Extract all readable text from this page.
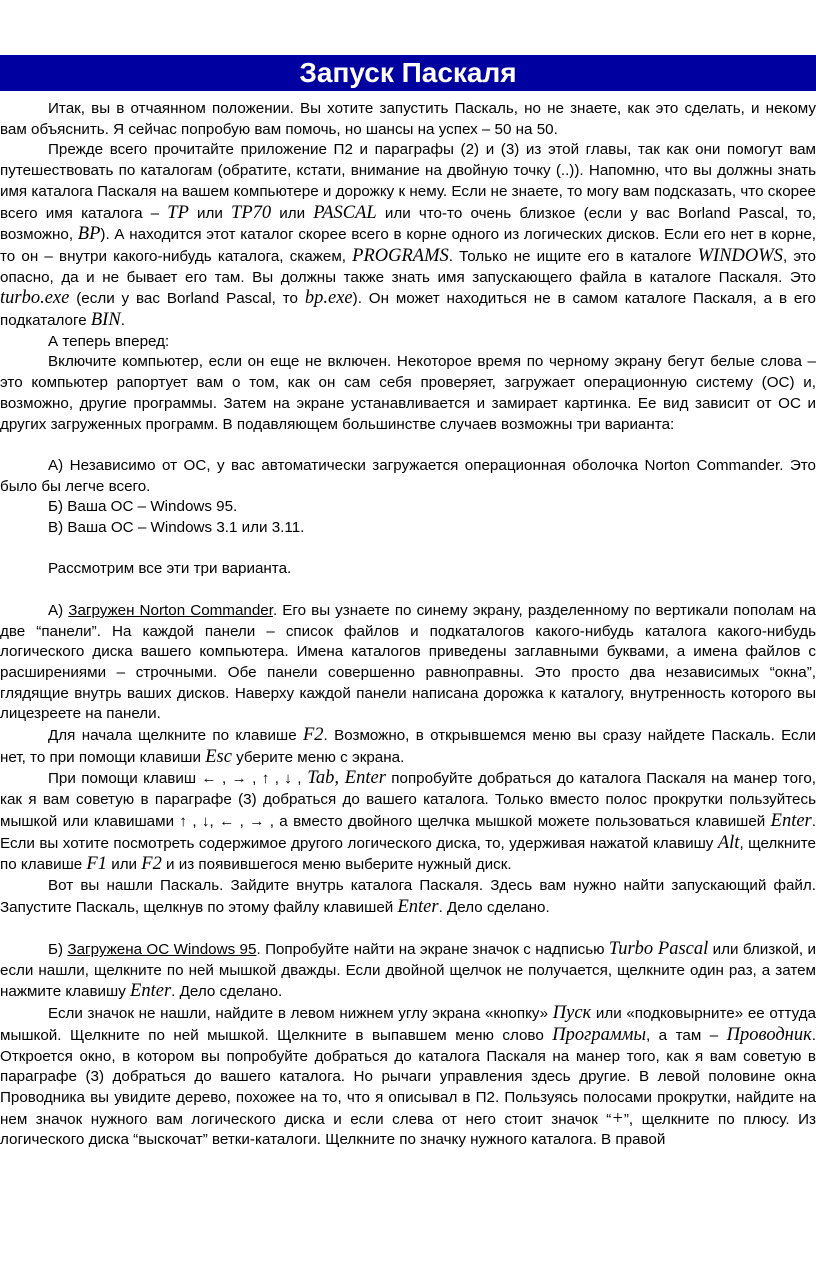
Запуск Паскаля

Итак, вы в отчаянном положении. Вы хотите запустить Паскаль, но не знаете, как это сделать, и некому вам объяснить. Я сейчас попробую вам помочь, но шансы на успех – 50 на 50.

Прежде всего прочитайте приложение П2 и параграфы (2) и (3) из этой главы, так как они помогут вам путешествовать по каталогам (обратите, кстати, внимание на двойную точку (..)). Напомню, что вы должны знать имя каталога Паскаля на вашем компьютере и дорожку к нему. Если не знаете, то могу вам подсказать, что скорее всего имя каталога – TP или TP70 или PASCAL или что-то очень близкое (если у вас Borland Pascal, то, возможно, BP). А находится этот каталог скорее всего в корне одного из логических дисков. Если его нет в корне, то он – внутри какого-нибудь каталога, скажем, PROGRAMS. Только не ищите его в каталоге WINDOWS, это опасно, да и не бывает его там. Вы должны также знать имя запускающего файла в каталоге Паскаля. Это turbo.exe (если у вас Borland Pascal, то bp.exe). Он может находиться не в самом каталоге Паскаля, а в его подкаталоге BIN.

А теперь вперед:

Включите компьютер, если он еще не включен. Некоторое время по черному экрану бегут белые слова – это компьютер рапортует вам о том, как он сам себя проверяет, загружает операционную систему (ОС) и, возможно, другие программы. Затем на экране устанавливается и замирает картинка. Ее вид зависит от ОС и других загруженных программ. В подавляющем большинстве случаев возможны три варианта:

А) Независимо от ОС, у вас автоматически загружается операционная оболочка Norton Commander. Это было бы легче всего.

Б) Ваша ОС – Windows 95.

В) Ваша ОС – Windows 3.1 или 3.11.

Рассмотрим все эти три варианта.

А) Загружен Norton Commander. Его вы узнаете по синему экрану, разделенному по вертикали пополам на две “панели”. На каждой панели – список файлов и подкаталогов какого-нибудь каталога какого-нибудь логического диска вашего компьютера. Имена каталогов приведены заглавными буквами, а имена файлов с расширениями – строчными. Обе панели совершенно равноправны. Это просто два независимых “окна”, глядящие внутрь ваших дисков. Наверху каждой панели написана дорожка к каталогу, внутренность которого вы лицезреете на панели.

Для начала щелкните по клавише F2. Возможно, в открывшемся меню вы сразу найдете Паскаль. Если нет, то при помощи клавиши Esc уберите меню с экрана.

При помощи клавиш ← , → , ↑ , ↓ , Tab, Enter попробуйте добраться до каталога Паскаля на манер того, как я вам советую в параграфе (3) добраться до вашего каталога. Только вместо полос прокрутки пользуйтесь мышкой или клавишами ↑ , ↓, ← , → , а вместо двойного щелчка мышкой можете пользоваться клавишей Enter. Если вы хотите посмотреть содержимое другого логического диска, то, удерживая нажатой клавишу Alt, щелкните по клавише F1 или F2 и из появившегося меню выберите нужный диск.

Вот вы нашли Паскаль. Зайдите внутрь каталога Паскаля. Здесь вам нужно найти запускающий файл. Запустите Паскаль, щелкнув по этому файлу клавишей Enter. Дело сделано.

Б) Загружена ОС Windows 95. Попробуйте найти на экране значок с надписью Turbo Pascal или близкой, и если нашли, щелкните по ней мышкой дважды. Если двойной щелчок не получается, щелкните один раз, а затем нажмите клавишу Enter. Дело сделано.

Если значок не нашли, найдите в левом нижнем углу экрана «кнопку» Пуск или «подковырните» ее оттуда мышкой. Щелкните по ней мышкой. Щелкните в выпавшем меню слово Программы, а там – Проводник. Откроется окно, в котором вы попробуйте добраться до каталога Паскаля на манер того, как я вам советую в параграфе (3) добраться до вашего каталога. Но рычаги управления здесь другие. В левой половине окна Проводника вы увидите дерево, похожее на то, что я описывал в П2. Пользуясь полосами прокрутки, найдите на нем значок нужного вам логического диска и если слева от него стоит значок “+”, щелкните по плюсу. Из логического диска “выскочат” ветки-каталоги. Щелкните по значку нужного каталога. В правой
